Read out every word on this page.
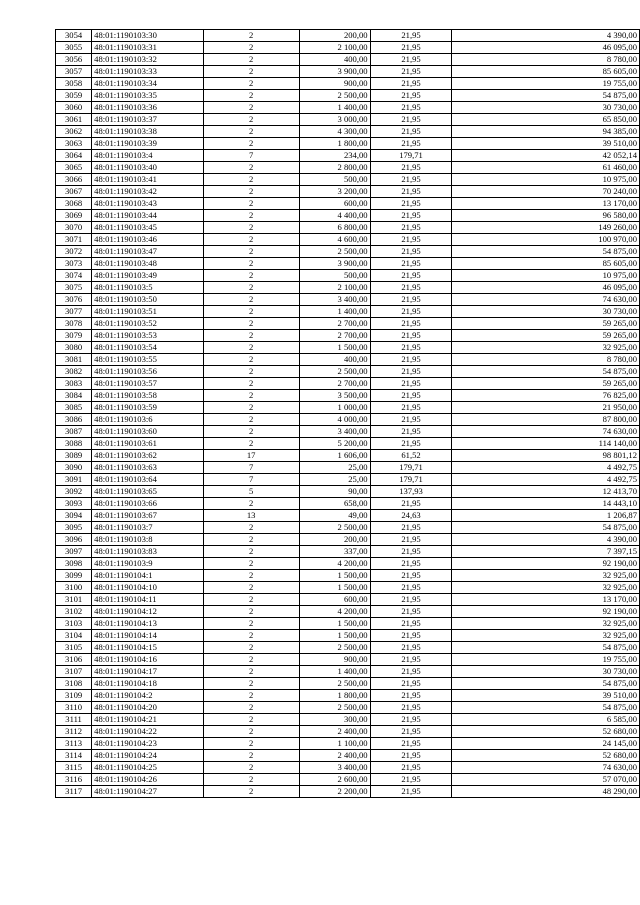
3054	48:01:1190103:30	2	200,00	21,95	4 390,00
3055	48:01:1190103:31	2	2 100,00	21,95	46 095,00
3056	48:01:1190103:32	2	400,00	21,95	8 780,00
3057	48:01:1190103:33	2	3 900,00	21,95	85 605,00
3058	48:01:1190103:34	2	900,00	21,95	19 755,00
3059	48:01:1190103:35	2	2 500,00	21,95	54 875,00
3060	48:01:1190103:36	2	1 400,00	21,95	30 730,00
3061	48:01:1190103:37	2	3 000,00	21,95	65 850,00
3062	48:01:1190103:38	2	4 300,00	21,95	94 385,00
3063	48:01:1190103:39	2	1 800,00	21,95	39 510,00
3064	48:01:1190103:4	7	234,00	179,71	42 052,14
3065	48:01:1190103:40	2	2 800,00	21,95	61 460,00
3066	48:01:1190103:41	2	500,00	21,95	10 975,00
3067	48:01:1190103:42	2	3 200,00	21,95	70 240,00
3068	48:01:1190103:43	2	600,00	21,95	13 170,00
3069	48:01:1190103:44	2	4 400,00	21,95	96 580,00
3070	48:01:1190103:45	2	6 800,00	21,95	149 260,00
3071	48:01:1190103:46	2	4 600,00	21,95	100 970,00
3072	48:01:1190103:47	2	2 500,00	21,95	54 875,00
3073	48:01:1190103:48	2	3 900,00	21,95	85 605,00
3074	48:01:1190103:49	2	500,00	21,95	10 975,00
3075	48:01:1190103:5	2	2 100,00	21,95	46 095,00
3076	48:01:1190103:50	2	3 400,00	21,95	74 630,00
3077	48:01:1190103:51	2	1 400,00	21,95	30 730,00
3078	48:01:1190103:52	2	2 700,00	21,95	59 265,00
3079	48:01:1190103:53	2	2 700,00	21,95	59 265,00
3080	48:01:1190103:54	2	1 500,00	21,95	32 925,00
3081	48:01:1190103:55	2	400,00	21,95	8 780,00
3082	48:01:1190103:56	2	2 500,00	21,95	54 875,00
3083	48:01:1190103:57	2	2 700,00	21,95	59 265,00
3084	48:01:1190103:58	2	3 500,00	21,95	76 825,00
3085	48:01:1190103:59	2	1 000,00	21,95	21 950,00
3086	48:01:1190103:6	2	4 000,00	21,95	87 800,00
3087	48:01:1190103:60	2	3 400,00	21,95	74 630,00
3088	48:01:1190103:61	2	5 200,00	21,95	114 140,00
3089	48:01:1190103:62	17	1 606,00	61,52	98 801,12
3090	48:01:1190103:63	7	25,00	179,71	4 492,75
3091	48:01:1190103:64	7	25,00	179,71	4 492,75
3092	48:01:1190103:65	5	90,00	137,93	12 413,70
3093	48:01:1190103:66	2	658,00	21,95	14 443,10
3094	48:01:1190103:67	13	49,00	24,63	1 206,87
3095	48:01:1190103:7	2	2 500,00	21,95	54 875,00
3096	48:01:1190103:8	2	200,00	21,95	4 390,00
3097	48:01:1190103:83	2	337,00	21,95	7 397,15
3098	48:01:1190103:9	2	4 200,00	21,95	92 190,00
3099	48:01:1190104:1	2	1 500,00	21,95	32 925,00
3100	48:01:1190104:10	2	1 500,00	21,95	32 925,00
3101	48:01:1190104:11	2	600,00	21,95	13 170,00
3102	48:01:1190104:12	2	4 200,00	21,95	92 190,00
3103	48:01:1190104:13	2	1 500,00	21,95	32 925,00
3104	48:01:1190104:14	2	1 500,00	21,95	32 925,00
3105	48:01:1190104:15	2	2 500,00	21,95	54 875,00
3106	48:01:1190104:16	2	900,00	21,95	19 755,00
3107	48:01:1190104:17	2	1 400,00	21,95	30 730,00
3108	48:01:1190104:18	2	2 500,00	21,95	54 875,00
3109	48:01:1190104:2	2	1 800,00	21,95	39 510,00
3110	48:01:1190104:20	2	2 500,00	21,95	54 875,00
3111	48:01:1190104:21	2	300,00	21,95	6 585,00
3112	48:01:1190104:22	2	2 400,00	21,95	52 680,00
3113	48:01:1190104:23	2	1 100,00	21,95	24 145,00
3114	48:01:1190104:24	2	2 400,00	21,95	52 680,00
3115	48:01:1190104:25	2	3 400,00	21,95	74 630,00
3116	48:01:1190104:26	2	2 600,00	21,95	57 070,00
3117	48:01:1190104:27	2	2 200,00	21,95	48 290,00
